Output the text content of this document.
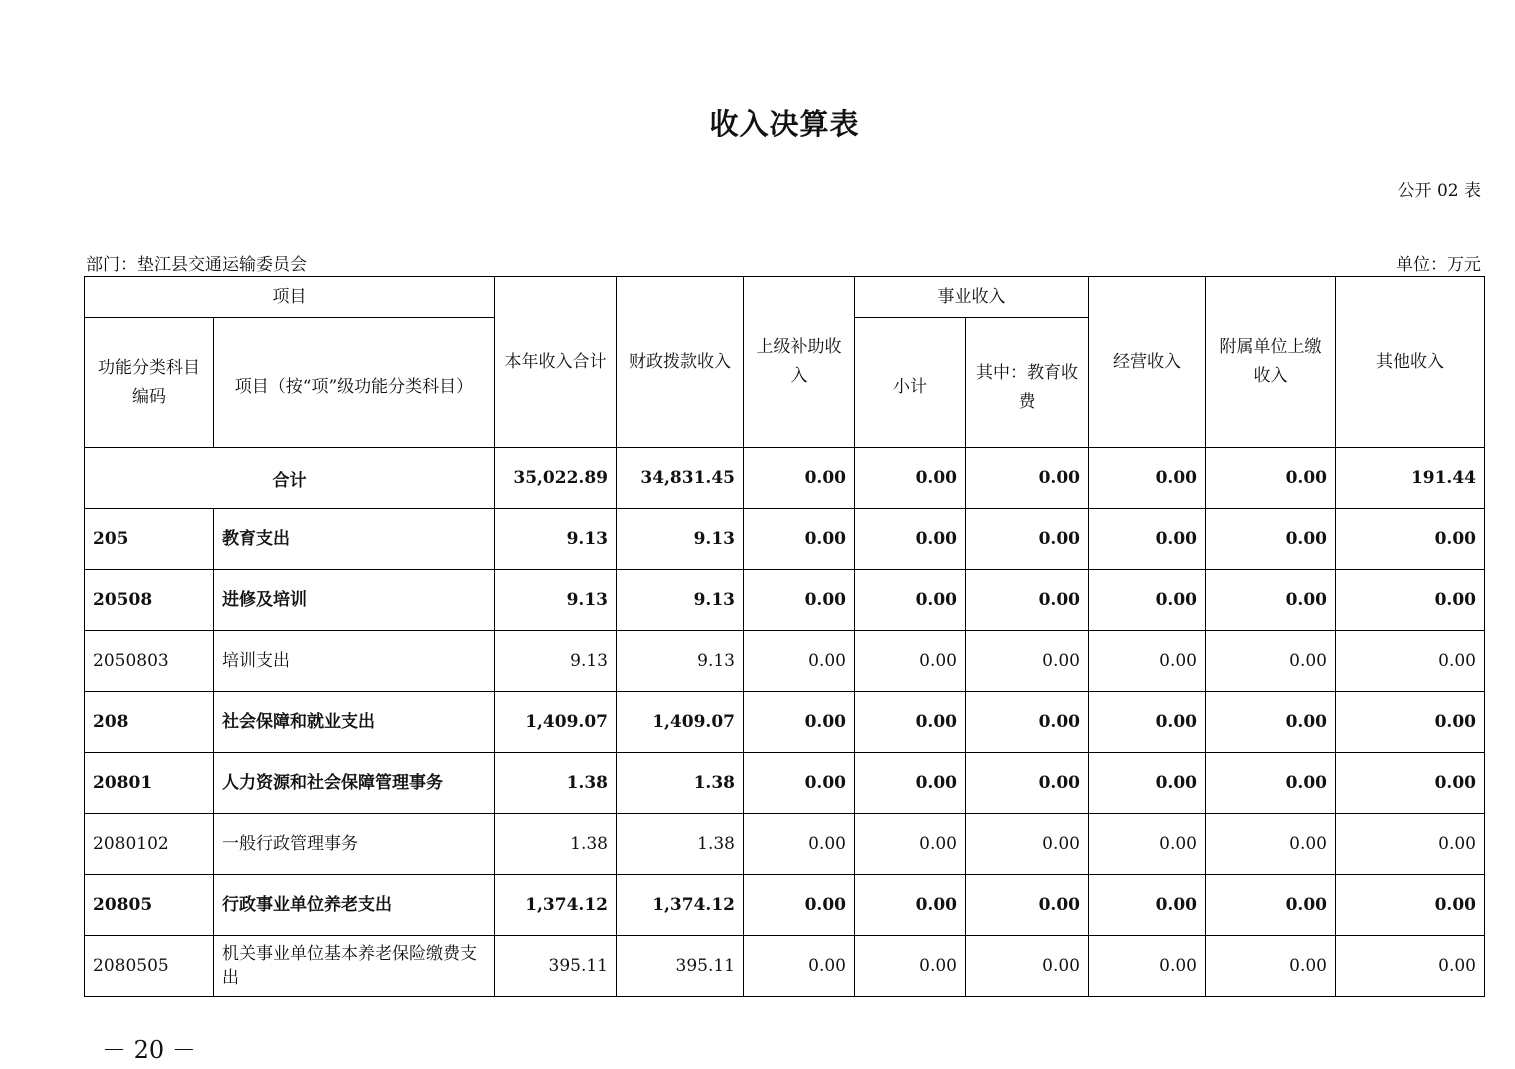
收入决算表
公开 02 表
部门：垫江县交通运输委员会	单位：万元
项目		本年收入合计	财政拨款收入	上级补助收入	事业收入		经营收入	附属单位上缴收入	其他收入
功能分类科目编码	项目（按“项”级功能分类科目）				小计	其中：教育收费			
合计		35,022.89	34,831.45	0.00	0.00	0.00	0.00	0.00	191.44
205	教育支出	9.13	9.13	0.00	0.00	0.00	0.00	0.00	0.00
20508	进修及培训	9.13	9.13	0.00	0.00	0.00	0.00	0.00	0.00
2050803	培训支出	9.13	9.13	0.00	0.00	0.00	0.00	0.00	0.00
208	社会保障和就业支出	1,409.07	1,409.07	0.00	0.00	0.00	0.00	0.00	0.00
20801	人力资源和社会保障管理事务	1.38	1.38	0.00	0.00	0.00	0.00	0.00	0.00
2080102	一般行政管理事务	1.38	1.38	0.00	0.00	0.00	0.00	0.00	0.00
20805	行政事业单位养老支出	1,374.12	1,374.12	0.00	0.00	0.00	0.00	0.00	0.00
2080505	机关事业单位基本养老保险缴费支出	395.11	395.11	0.00	0.00	0.00	0.00	0.00	0.00
－ 20 －
